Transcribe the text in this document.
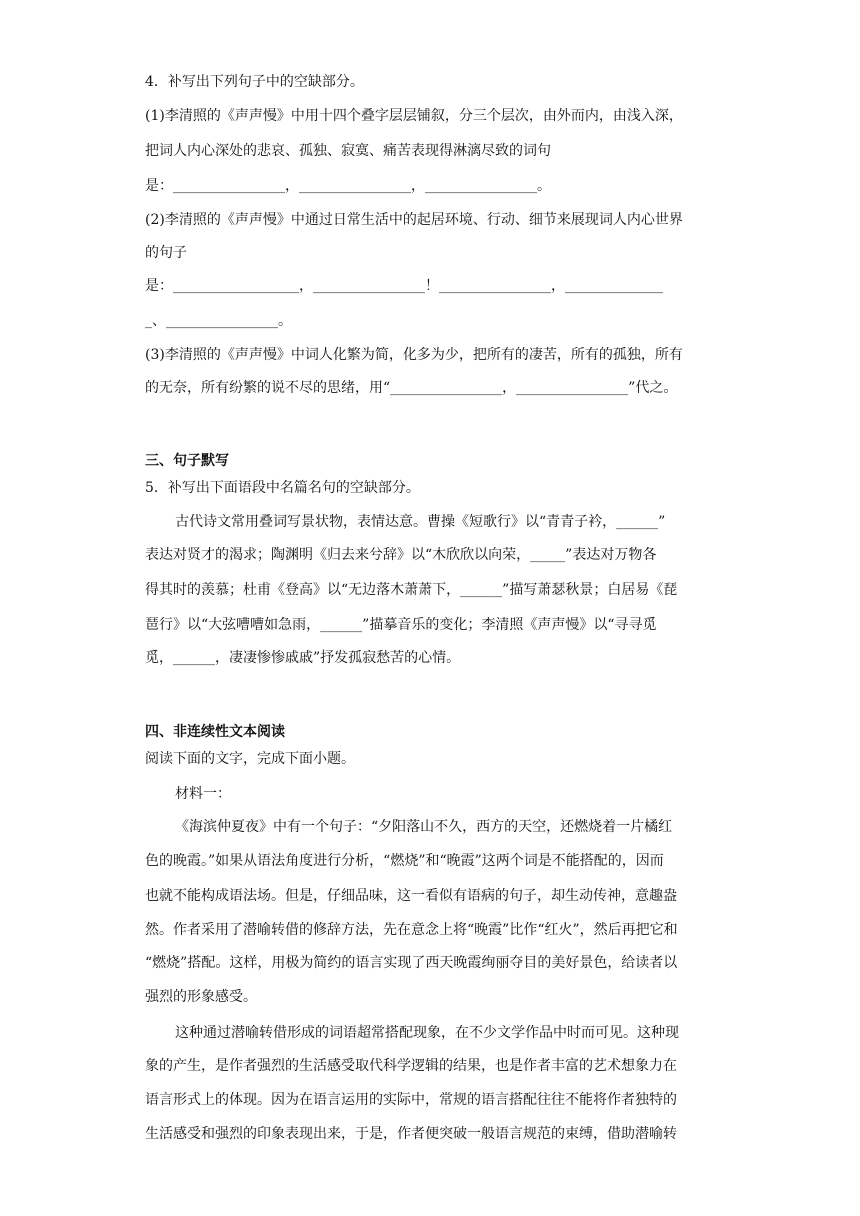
4．补写出下列句子中的空缺部分。
(1)李清照的《声声慢》中用十四个叠字层层铺叙，分三个层次，由外而内，由浅入深，
把词人内心深处的悲哀、孤独、寂寞、痛苦表现得淋漓尽致的词句
是：________________，________________，________________。
(2)李清照的《声声慢》中通过日常生活中的起居环境、行动、细节来展现词人内心世界
的句子
是：__________________，________________！________________，______________
_、________________。
(3)李清照的《声声慢》中词人化繁为简，化多为少，把所有的凄苦，所有的孤独，所有
的无奈，所有纷繁的说不尽的思绪，用“________________，________________”代之。
三、句子默写
5．补写出下面语段中名篇名句的空缺部分。
古代诗文常用叠词写景状物，表情达意。曹操《短歌行》以“青青子衿，______”
表达对贤才的渴求；陶渊明《归去来兮辞》以“木欣欣以向荣，_____”表达对万物各
得其时的羡慕；杜甫《登高》以“无边落木萧萧下，______”描写萧瑟秋景；白居易《琵
琶行》以“大弦嘈嘈如急雨，______”描摹音乐的变化；李清照《声声慢》以“寻寻觅
觅，______，凄凄惨惨戚戚”抒发孤寂愁苦的心情。
四、非连续性文本阅读
阅读下面的文字，完成下面小题。
材料一：
《海滨仲夏夜》中有一个句子：“夕阳落山不久，西方的天空，还燃烧着一片橘红
色的晚霞。”如果从语法角度进行分析，“燃烧”和“晚霞”这两个词是不能搭配的，因而
也就不能构成语法场。但是，仔细品味，这一看似有语病的句子，却生动传神，意趣盎
然。作者采用了潜喻转借的修辞方法，先在意念上将“晚霞”比作“红火”，然后再把它和
“燃烧”搭配。这样，用极为简约的语言实现了西天晚霞绚丽夺目的美好景色，给读者以
强烈的形象感受。
这种通过潜喻转借形成的词语超常搭配现象，在不少文学作品中时而可见。这种现
象的产生，是作者强烈的生活感受取代科学逻辑的结果，也是作者丰富的艺术想象力在
语言形式上的体现。因为在语言运用的实际中，常规的语言搭配往往不能将作者独特的
生活感受和强烈的印象表现出来，于是，作者便突破一般语言规范的束缚，借助潜喻转
